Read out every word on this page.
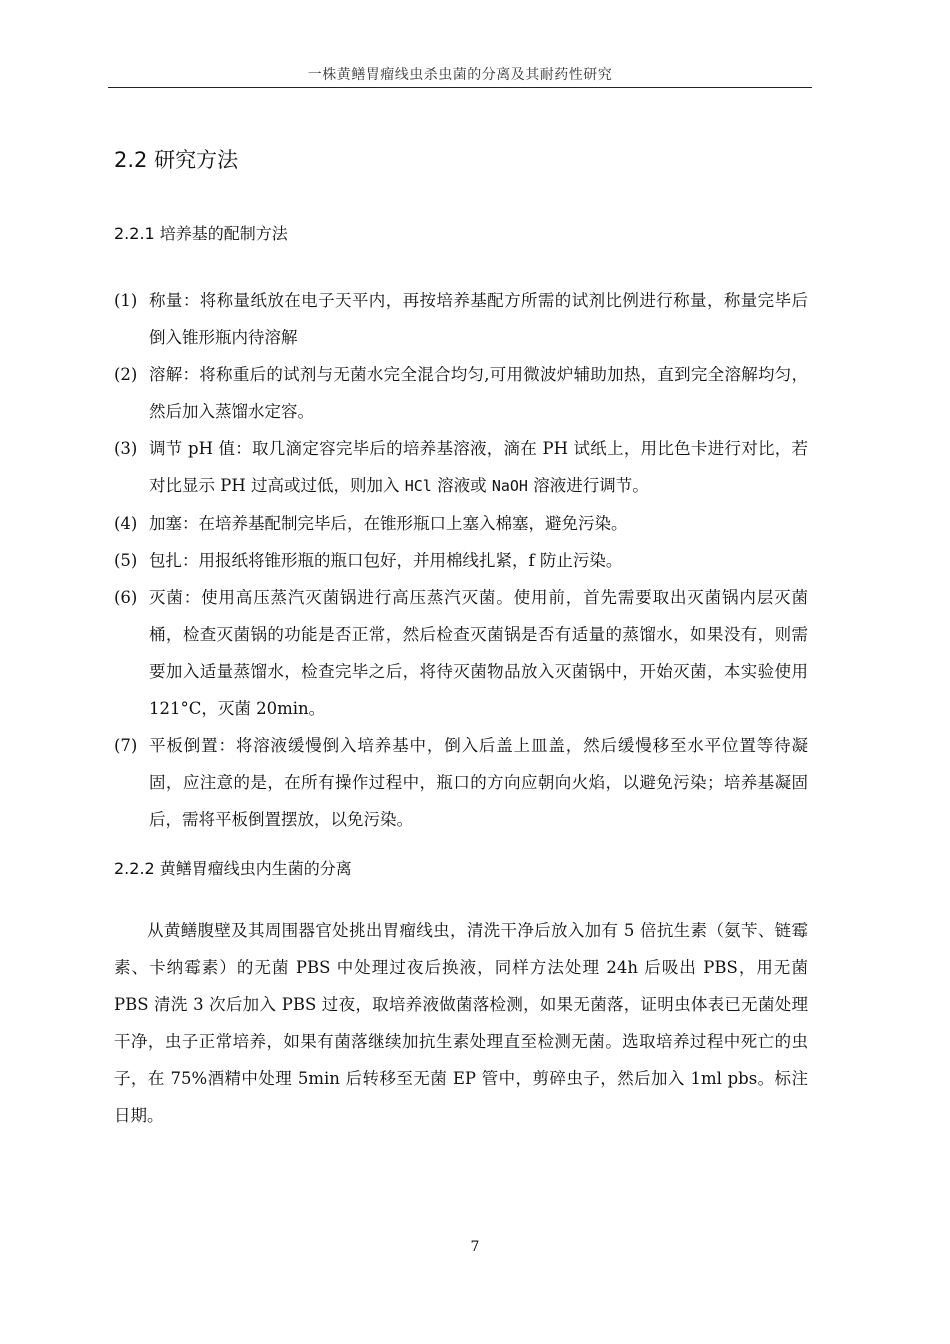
一株黄鳝胃瘤线虫杀虫菌的分离及其耐药性研究
2.2 研究方法
2.2.1 培养基的配制方法
(1) 称量：将称量纸放在电子天平内，再按培养基配方所需的试剂比例进行称量，称量完毕后倒入锥形瓶内待溶解
(2) 溶解：将称重后的试剂与无菌水完全混合均匀,可用微波炉辅助加热，直到完全溶解均匀，然后加入蒸馏水定容。
(3) 调节 pH 值：取几滴定容完毕后的培养基溶液，滴在 PH 试纸上，用比色卡进行对比，若对比显示 PH 过高或过低，则加入 HCl 溶液或 NaOH 溶液进行调节。
(4) 加塞：在培养基配制完毕后，在锥形瓶口上塞入棉塞，避免污染。
(5) 包扎：用报纸将锥形瓶的瓶口包好，并用棉线扎紧，f 防止污染。
(6) 灭菌：使用高压蒸汽灭菌锅进行高压蒸汽灭菌。使用前，首先需要取出灭菌锅内层灭菌桶，检查灭菌锅的功能是否正常，然后检查灭菌锅是否有适量的蒸馏水，如果没有，则需要加入适量蒸馏水，检查完毕之后，将待灭菌物品放入灭菌锅中，开始灭菌，本实验使用 121°C，灭菌 20min。
(7) 平板倒置：将溶液缓慢倒入培养基中，倒入后盖上皿盖，然后缓慢移至水平位置等待凝固，应注意的是，在所有操作过程中，瓶口的方向应朝向火焰，以避免污染；培养基凝固后，需将平板倒置摆放，以免污染。
2.2.2 黄鳝胃瘤线虫内生菌的分离

从黄鳝腹壁及其周围器官处挑出胃瘤线虫，清洗干净后放入加有 5 倍抗生素（氨苄、链霉素、卡纳霉素）的无菌 PBS 中处理过夜后换液，同样方法处理 24h 后吸出 PBS，用无菌 PBS 清洗 3 次后加入 PBS 过夜，取培养液做菌落检测，如果无菌落，证明虫体表已无菌处理干净，虫子正常培养，如果有菌落继续加抗生素处理直至检测无菌。选取培养过程中死亡的虫子，在 75%酒精中处理 5min 后转移至无菌 EP 管中，剪碎虫子，然后加入 1ml pbs。标注日期。

7
